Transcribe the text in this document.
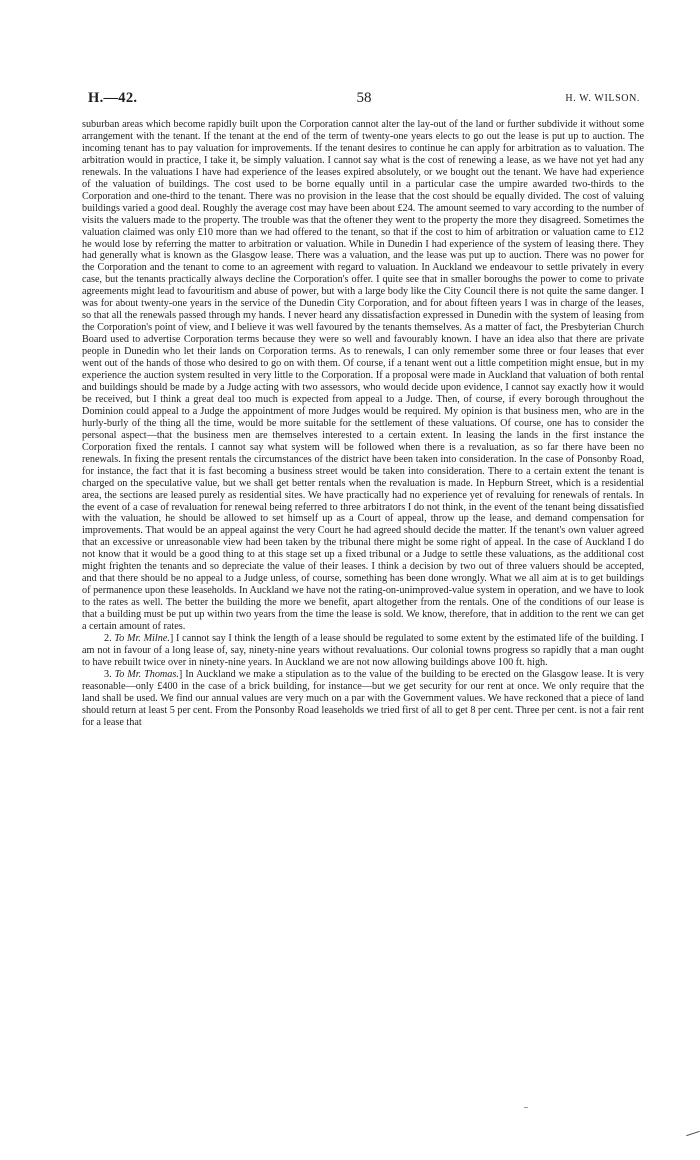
H.—42.	58	H. W. WILSON.

suburban areas which become rapidly built upon the Corporation cannot alter the lay-out of the land or further subdivide it without some arrangement with the tenant. If the tenant at the end of the term of twenty-one years elects to go out the lease is put up to auction. The incoming tenant has to pay valuation for improvements. If the tenant desires to continue he can apply for arbitration as to valuation. The arbitration would in practice, I take it, be simply valuation. I cannot say what is the cost of renewing a lease, as we have not yet had any renewals. In the valuations I have had experience of the leases expired absolutely, or we bought out the tenant. We have had experience of the valuation of buildings. The cost used to be borne equally until in a particular case the umpire awarded two-thirds to the Corporation and one-third to the tenant. There was no provision in the lease that the cost should be equally divided. The cost of valuing buildings varied a good deal. Roughly the average cost may have been about £24. The amount seemed to vary according to the number of visits the valuers made to the property. The trouble was that the oftener they went to the property the more they disagreed. Sometimes the valuation claimed was only £10 more than we had offered to the tenant, so that if the cost to him of arbitration or valuation came to £12 he would lose by referring the matter to arbitration or valuation. While in Dunedin I had experience of the system of leasing there. They had generally what is known as the Glasgow lease. There was a valuation, and the lease was put up to auction. There was no power for the Corporation and the tenant to come to an agreement with regard to valuation. In Auckland we endeavour to settle privately in every case, but the tenants practically always decline the Corporation's offer. I quite see that in smaller boroughs the power to come to private agreements might lead to favouritism and abuse of power, but with a large body like the City Council there is not quite the same danger. I was for about twenty-one years in the service of the Dunedin City Corporation, and for about fifteen years I was in charge of the leases, so that all the renewals passed through my hands. I never heard any dissatisfaction expressed in Dunedin with the system of leasing from the Corporation's point of view, and I believe it was well favoured by the tenants themselves. As a matter of fact, the Presbyterian Church Board used to advertise Corporation terms because they were so well and favourably known. I have an idea also that there are private people in Dunedin who let their lands on Corporation terms. As to renewals, I can only remember some three or four leases that ever went out of the hands of those who desired to go on with them. Of course, if a tenant went out a little competition might ensue, but in my experience the auction system resulted in very little to the Corporation. If a proposal were made in Auckland that valuation of both rental and buildings should be made by a Judge acting with two assessors, who would decide upon evidence, I cannot say exactly how it would be received, but I think a great deal too much is expected from appeal to a Judge. Then, of course, if every borough throughout the Dominion could appeal to a Judge the appointment of more Judges would be required. My opinion is that business men, who are in the hurly-burly of the thing all the time, would be more suitable for the settlement of these valuations. Of course, one has to consider the personal aspect—that the business men are themselves interested to a certain extent. In leasing the lands in the first instance the Corporation fixed the rentals. I cannot say what system will be followed when there is a revaluation, as so far there have been no renewals. In fixing the present rentals the circumstances of the district have been taken into consideration. In the case of Ponsonby Road, for instance, the fact that it is fast becoming a business street would be taken into consideration. There to a certain extent the tenant is charged on the speculative value, but we shall get better rentals when the revaluation is made. In Hepburn Street, which is a residential area, the sections are leased purely as residential sites. We have practically had no experience yet of revaluing for renewals of rentals. In the event of a case of revaluation for renewal being referred to three arbitrators I do not think, in the event of the tenant being dissatisfied with the valuation, he should be allowed to set himself up as a Court of appeal, throw up the lease, and demand compensation for improvements. That would be an appeal against the very Court he had agreed should decide the matter. If the tenant's own valuer agreed that an excessive or unreasonable view had been taken by the tribunal there might be some right of appeal. In the case of Auckland I do not know that it would be a good thing to at this stage set up a fixed tribunal or a Judge to settle these valuations, as the additional cost might frighten the tenants and so depreciate the value of their leases. I think a decision by two out of three valuers should be accepted, and that there should be no appeal to a Judge unless, of course, something has been done wrongly. What we all aim at is to get buildings of permanence upon these leaseholds. In Auckland we have not the rating-on-unimproved-value system in operation, and we have to look to the rates as well. The better the building the more we benefit, apart altogether from the rentals. One of the conditions of our lease is that a building must be put up within two years from the time the lease is sold. We know, therefore, that in addition to the rent we can get a certain amount of rates.

2. To Mr. Milne.] I cannot say I think the length of a lease should be regulated to some extent by the estimated life of the building. I am not in favour of a long lease of, say, ninety-nine years without revaluations. Our colonial towns progress so rapidly that a man ought to have rebuilt twice over in ninety-nine years. In Auckland we are not now allowing buildings above 100 ft. high.

3. To Mr. Thomas.] In Auckland we make a stipulation as to the value of the building to be erected on the Glasgow lease. It is very reasonable—only £400 in the case of a brick building, for instance—but we get security for our rent at once. We only require that the land shall be used. We find our annual values are very much on a par with the Government values. We have reckoned that a piece of land should return at least 5 per cent. From the Ponsonby Road leaseholds we tried first of all to get 8 per cent. Three per cent. is not a fair rent for a lease that
